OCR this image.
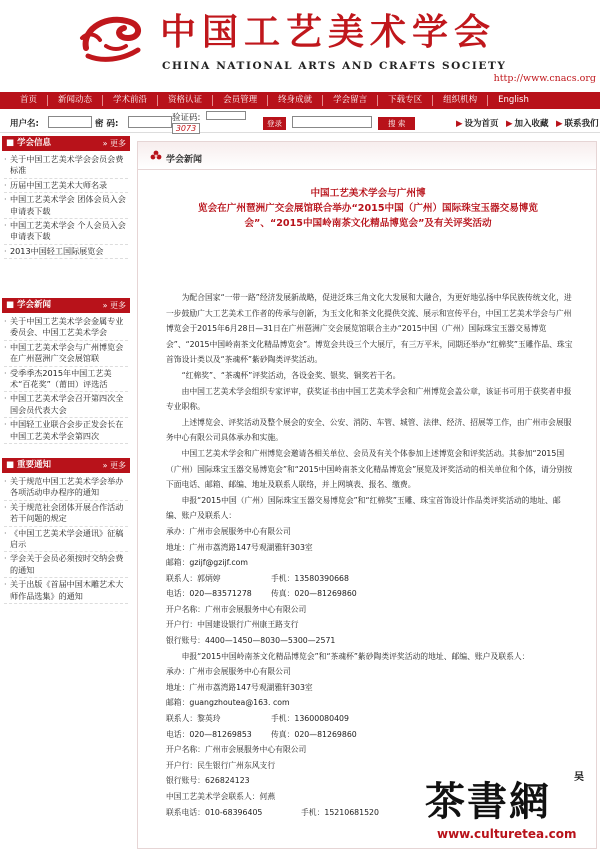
中国工艺美术学会
CHINA NATIONAL ARTS AND CRAFTS SOCIETY
http://www.cnacs.org
首页	新闻动态	学术前沿	资格认证	会员管理	终身成就	学会留言	下载专区	组织机构	English
用户名:	密 码:
验证码:
3073
登录	搜 索	▶ 设为首页 ▶ 加入收藏 ▶ 联系我们
■ 学会信息	» 更多
· 关于中国工艺美术学会会员会费标准
· 历届中国工艺美术大师名录
· 中国工艺美术学会 团体会员入会申请表下载
· 中国工艺美术学会 个人会员入会申请表下载
· 2013中国轻工国际展览会
■ 学会新闻	» 更多
· 关于中国工艺美术学会金属专业委员会、中国工艺美术学会
· 中国工艺美术学会与广州博览会在广州琶洲广交会展馆联
· 受季季杰2015年中国工艺美术“百花奖”（莆田）评选活
· 中国工艺美术学会召开第四次全国会员代表大会
· 中国轻工业联合会步正发会长在中国工艺美术学会第四次
■ 重要通知	» 更多
· 关于规范中国工艺美术学会举办各项活动申办程序的通知
· 关于规范社会团体开展合作活动若干问题的规定
· 《中国工艺美术学会通讯》征稿启示
· 学会关于会员必须按时交纳会费的通知
· 关于出版《首届中国木雕艺术大师作品选集》的通知
学会新闻
中国工艺美术学会与广州博
览会在广州琶洲广交会展馆联合举办“2015中国（广州）国际珠宝玉器交易博览
会”、“2015中国岭南茶文化精品博览会”及有关评奖活动

为配合国家“一带一路”经济发展新战略，促进泛珠三角文化大发展和大融合，为更好地弘扬中华民族传统文化，进一步鼓励广大工艺美术工作者的传承与创新，为玉文化和茶文化提供交流、展示和宣传平台，中国工艺美术学会与广州博览会于2015年6月28日—31日在广州琶洲广交会展览馆联合主办“2015中国（广州）国际珠宝玉器交易博览会”、“2015中国岭南茶文化精品博览会”。博览会共设三个大展厅，有三万平米，同期还举办“红棉奖”玉雕作品、珠宝首饰设计类以及“茶魂杯”紫砂陶类评奖活动。

“红棉奖”、“茶魂杯”评奖活动，各设金奖、银奖、铜奖若干名。

由中国工艺美术学会组织专家评审，获奖证书由中国工艺美术学会和广州博览会盖公章，该证书可用于获奖者申报专业职称。

上述博览会、评奖活动及整个展会的安全、公安、消防、车管、城管、法律、经济、招展等工作，由广州市会展服务中心有限公司具体承办和实施。

中国工艺美术学会和广州博览会邀请各相关单位、会员及有关个体参加上述博览会和评奖活动。其参加“2015国（广州）国际珠宝玉器交易博览会”和“2015中国岭南茶文化精品博览会”展览及评奖活动的相关单位和个体，请分别按下面电话、邮箱、邮编、地址及联系人联络，并上网填表、报名、缴费。

申报“2015中国（广州）国际珠宝玉器交易博览会”和“红棉奖”玉雕、珠宝首饰设计作品类评奖活动的地址、邮编、账户及联系人：

承办：广州市会展服务中心有限公司

地址：广州市荔湾路147号观湖雅轩303室

邮箱：gzijf@gzijf.com

联系人：郭炳婷	手机：13580390668

电话：020—83571278 传真：020—81269860

开户名称：广州市会展服务中心有限公司

开户行：中国建设银行广州康王路支行

银行账号：4400—1450—8030—5300—2571

申报“2015中国岭南茶文化精品博览会”和“茶魂杯”紫砂陶类评奖活动的地址、邮编、账户及联系人：

承办：广州市会展服务中心有限公司

地址：广州市荔湾路147号观湖雅轩303室

邮箱：guangzhoutea@163. com

联系人：黎英玲	手机：13600080409

电话：020—81269853 传真：020—81269860

开户名称：广州市会展服务中心有限公司

开户行：民生银行广州东风支行

银行账号：626824123

中国工艺美术学会联系人：何燕

联系电话：010-68396405	手机：15210681520	茶書網
吴
www.culturetea.com
